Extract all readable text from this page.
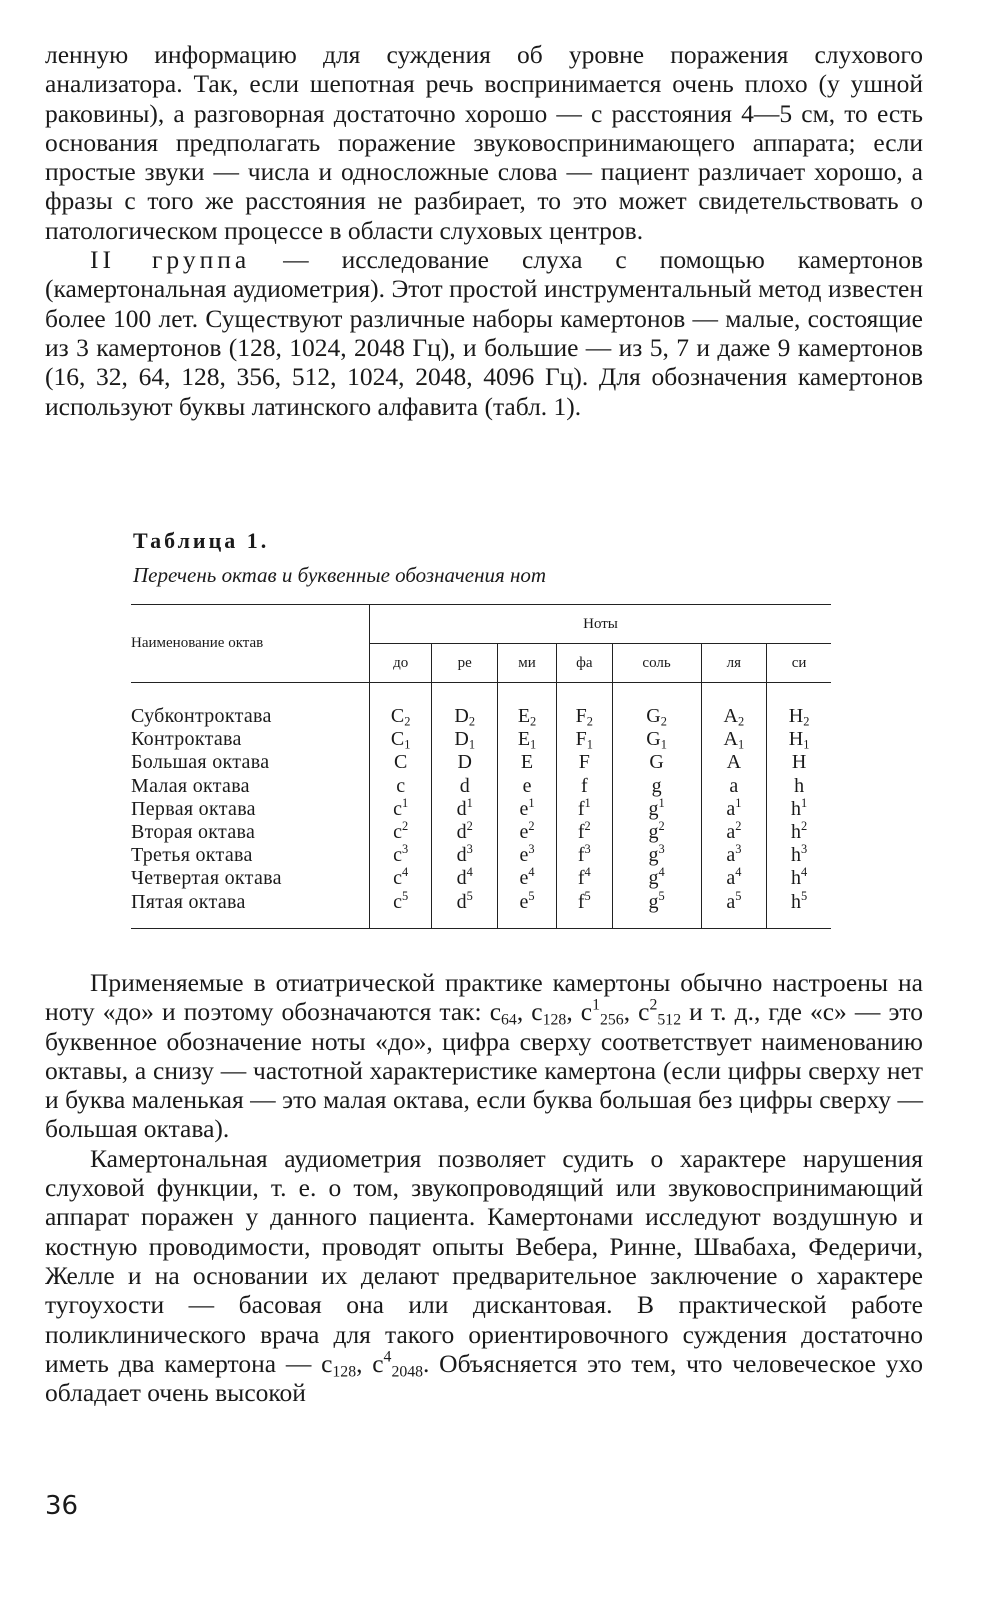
ленную информацию для суждения об уровне поражения слухового анализатора. Так, если шепотная речь воспринимается очень плохо (у ушной раковины), а разговорная достаточно хорошо — с расстояния 4—5 см, то есть основания предполагать поражение звуковоспринимающего аппарата; если простые звуки — числа и односложные слова — пациент различает хорошо, а фразы с того же расстояния не разбирает, то это может свидетельствовать о патологическом процессе в области слуховых центров.

II группа — исследование слуха с помощью камертонов (камертональная аудиометрия). Этот простой инструментальный метод известен более 100 лет. Существуют различные наборы камертонов — малые, состоящие из 3 камертонов (128, 1024, 2048 Гц), и большие — из 5, 7 и даже 9 камертонов (16, 32, 64, 128, 356, 512, 1024, 2048, 4096 Гц). Для обозначения камертонов используют буквы латинского алфавита (табл. 1).

Таблица 1.
Перечень октав и буквенные обозначения нот
Наименование октав	Ноты						
	до	ре	ми	фа	соль	ля	си
Субконтроктава	$C_2$	$D_2$	$E_2$	$F_2$	$G_2$	$A_2$	$H_2$
Контроктава	$C_1$	$D_1$	$E_1$	$F_1$	$G_1$	$A_1$	$H_1$
Большая октава	C	D	E	F	G	A	H
Малая октава	c	d	e	f	g	a	h
Первая октава	$c^1$	$d^1$	$e^1$	$f^1$	$g^1$	$a^1$	$h^1$
Вторая октава	$c^2$	$d^2$	$e^2$	$f^2$	$g^2$	$a^2$	$h^2$
Третья октава	$c^3$	$d^3$	$e^3$	$f^3$	$g^3$	$a^3$	$h^3$
Четвертая октава	$c^4$	$d^4$	$e^4$	$f^4$	$g^4$	$a^4$	$h^4$
Пятая октава	$c^5$	$d^5$	$e^5$	$f^5$	$g^5$	$a^5$	$h^5$

Применяемые в отиатрической практике камертоны обычно настроены на ноту «до» и поэтому обозначаются так: $c_{64}$, $c_{128}$, $c^1_{256}$, $c^2_{512}$ и т. д., где «с» — это буквенное обозначение ноты «до», цифра сверху соответствует наименованию октавы, а снизу — частотной характеристике камертона (если цифры сверху нет и буква маленькая — это малая октава, если буква большая без цифры сверху — большая октава).

Камертональная аудиометрия позволяет судить о характере нарушения слуховой функции, т. е. о том, звукопроводящий или звуковоспринимающий аппарат поражен у данного пациента. Камертонами исследуют воздушную и костную проводимости, проводят опыты Вебера, Ринне, Швабаха, Федеричи, Желле и на основании их делают предварительное заключение о характере тугоухости — басовая она или дискантовая. В практической работе поликлинического врача для такого ориентировочного суждения достаточно иметь два камертона — $c_{128}$, $c^4_{2048}$. Объясняется это тем, что человеческое ухо обладает очень высокой

36
